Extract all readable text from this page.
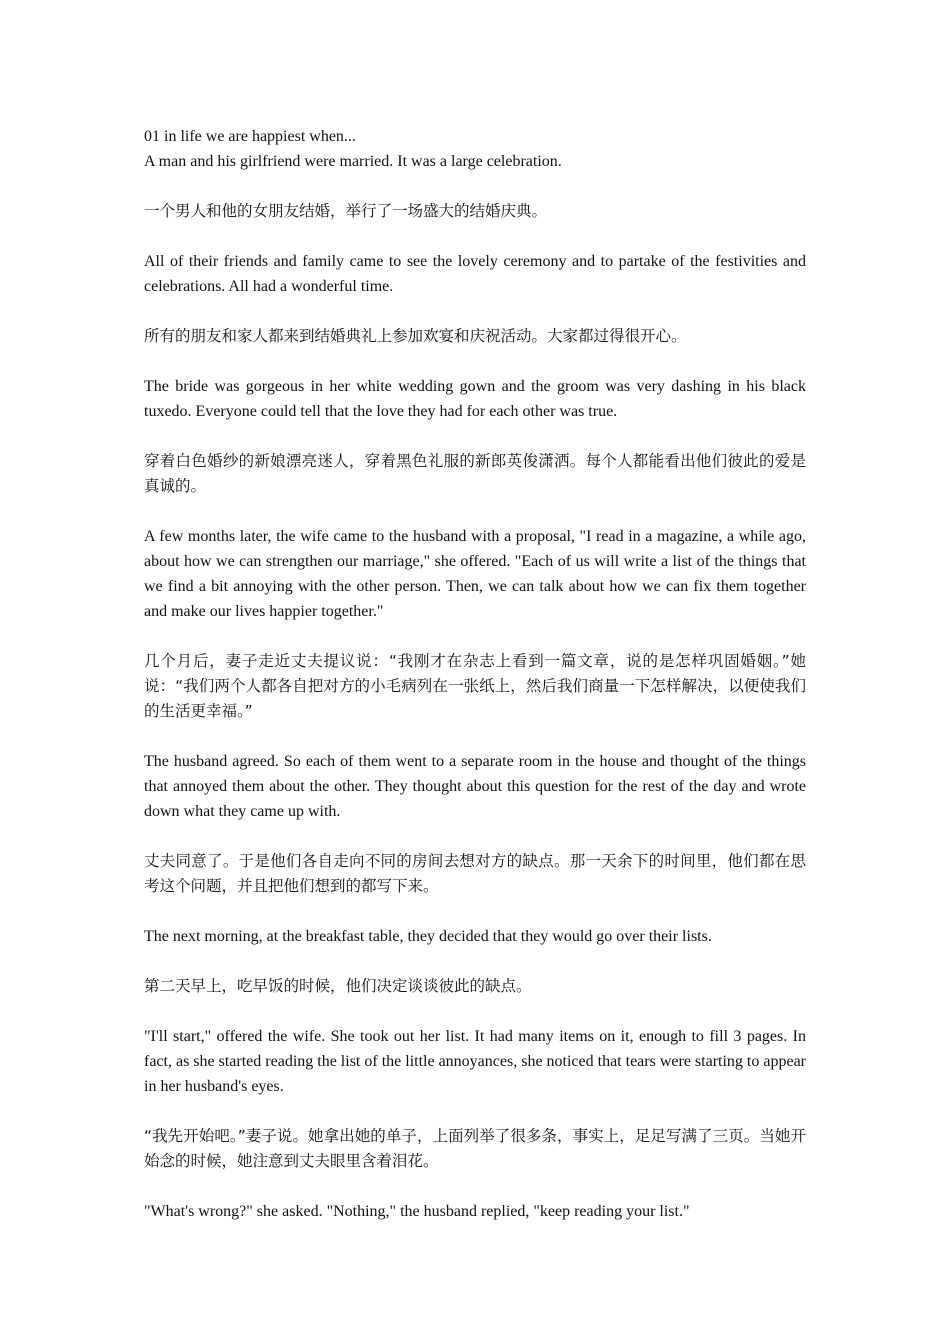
01 in life we are happiest when...

A man and his girlfriend were married. It was a large celebration.

一个男人和他的女朋友结婚，举行了一场盛大的结婚庆典。

All of their friends and family came to see the lovely ceremony and to partake of the festivities and celebrations. All had a wonderful time.

所有的朋友和家人都来到结婚典礼上参加欢宴和庆祝活动。大家都过得很开心。

The bride was gorgeous in her white wedding gown and the groom was very dashing in his black tuxedo. Everyone could tell that the love they had for each other was true.

穿着白色婚纱的新娘漂亮迷人，穿着黑色礼服的新郎英俊潇洒。每个人都能看出他们彼此的爱是真诚的。

A few months later, the wife came to the husband with a proposal, "I read in a magazine, a while ago, about how we can strengthen our marriage," she offered. "Each of us will write a list of the things that we find a bit annoying with the other person. Then, we can talk about how we can fix them together and make our lives happier together."

几个月后，妻子走近丈夫提议说：“我刚才在杂志上看到一篇文章，说的是怎样巩固婚姻。”她说：“我们两个人都各自把对方的小毛病列在一张纸上，然后我们商量一下怎样解决，以便使我们的生活更幸福。”

The husband agreed. So each of them went to a separate room in the house and thought of the things that annoyed them about the other. They thought about this question for the rest of the day and wrote down what they came up with.

丈夫同意了。于是他们各自走向不同的房间去想对方的缺点。那一天余下的时间里，他们都在思考这个问题，并且把他们想到的都写下来。

The next morning, at the breakfast table, they decided that they would go over their lists.

第二天早上，吃早饭的时候，他们决定谈谈彼此的缺点。

"I'll start," offered the wife. She took out her list. It had many items on it, enough to fill 3 pages. In fact, as she started reading the list of the little annoyances, she noticed that tears were starting to appear in her husband's eyes.

“我先开始吧。”妻子说。她拿出她的单子，上面列举了很多条，事实上，足足写满了三页。当她开始念的时候，她注意到丈夫眼里含着泪花。

"What's wrong?" she asked. "Nothing," the husband replied, "keep reading your list."
